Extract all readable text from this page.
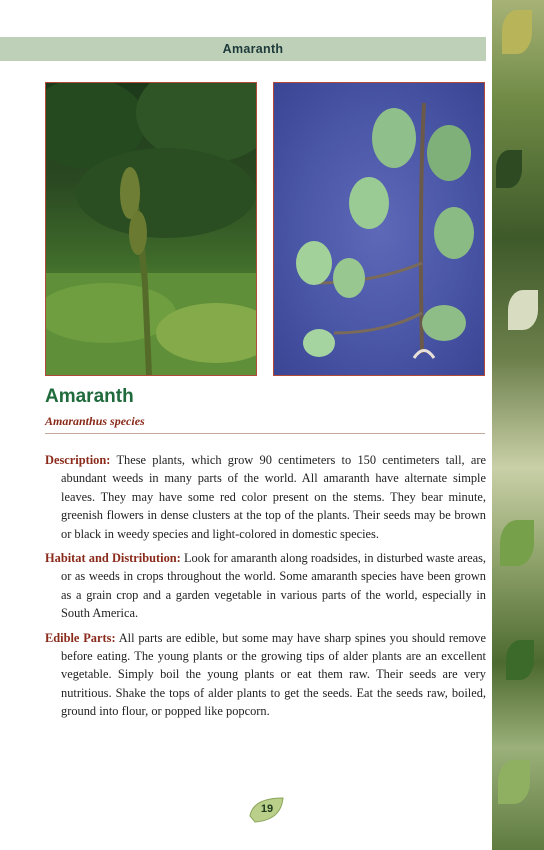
Amaranth
Amaranth

Amaranthus species

Description: These plants, which grow 90 centimeters to 150 centimeters tall, are abundant weeds in many parts of the world. All amaranth have alternate simple leaves. They may have some red color present on the stems. They bear minute, greenish flowers in dense clusters at the top of the plants. Their seeds may be brown or black in weedy species and light-colored in domestic species.

Habitat and Distribution: Look for amaranth along roadsides, in disturbed waste areas, or as weeds in crops throughout the world. Some amaranth species have been grown as a grain crop and a garden vegetable in various parts of the world, especially in South America.

Edible Parts: All parts are edible, but some may have sharp spines you should remove before eating. The young plants or the growing tips of alder plants are an excellent vegetable. Simply boil the young plants or eat them raw. Their seeds are very nutritious. Shake the tops of alder plants to get the seeds. Eat the seeds raw, boiled, ground into flour, or popped like popcorn.

19
